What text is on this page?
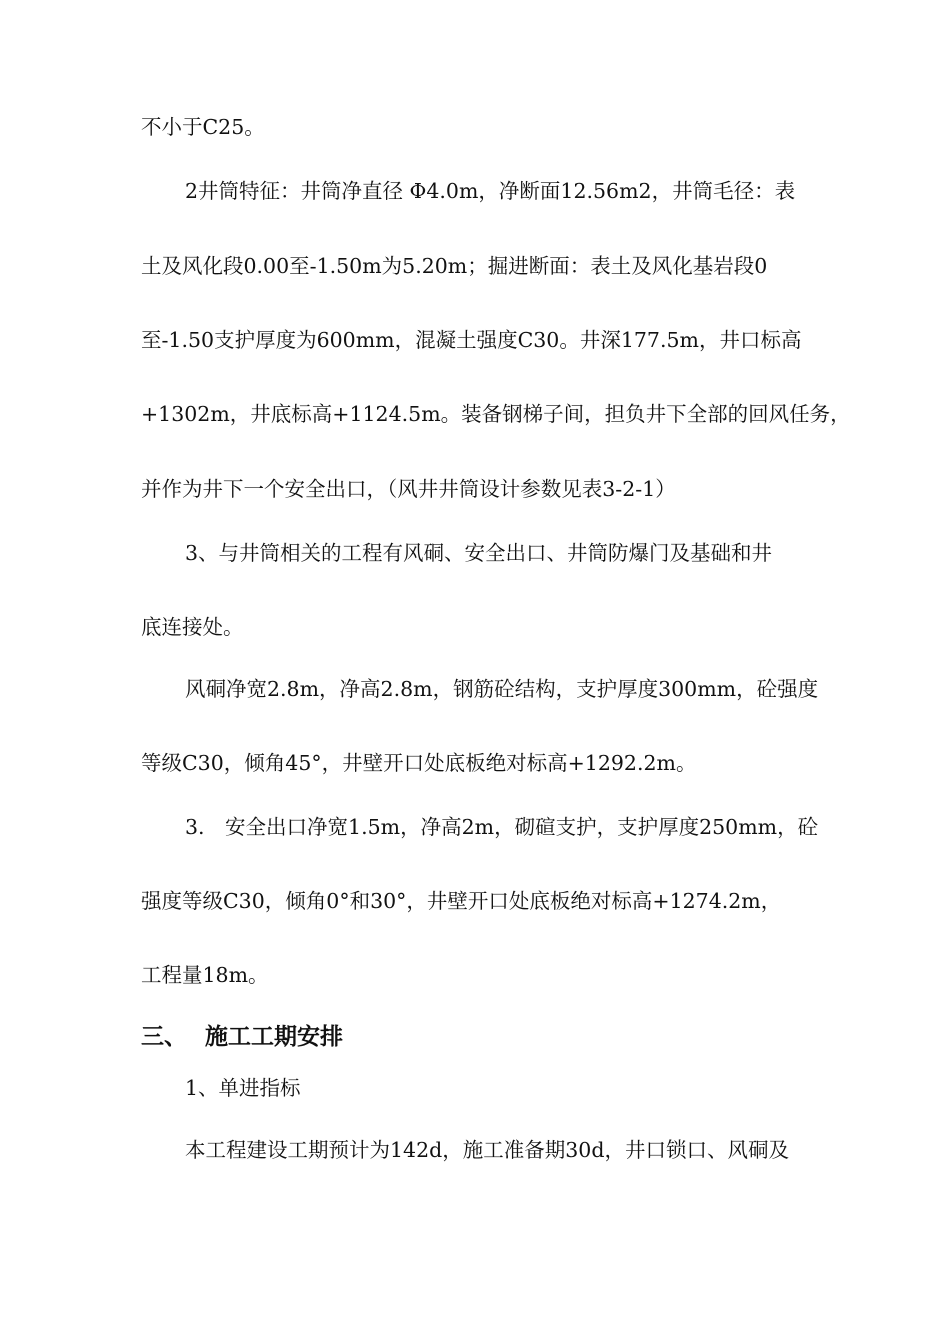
不小于C25。

2井筒特征：井筒净直径 Φ4.0m，净断面12.56m2，井筒毛径：表

土及风化段0.00至-1.50m为5.20m；掘进断面：表土及风化基岩段0

至-1.50支护厚度为600mm，混凝土强度C30。井深177.5m，井口标高

+1302m，井底标高+1124.5m。装备钢梯子间，担负井下全部的回风任务，

并作为井下一个安全出口，（风井井筒设计参数见表3-2-1）

3、与井筒相关的工程有风硐、安全出口、井筒防爆门及基础和井

底连接处。

风硐净宽2.8m，净高2.8m，钢筋砼结构，支护厚度300mm，砼强度

等级C30，倾角45°，井壁开口处底板绝对标高+1292.2m。

3.　安全出口净宽1.5m，净高2m，砌碹支护，支护厚度250mm，砼

强度等级C30，倾角0°和30°，井壁开口处底板绝对标高+1274.2m，

工程量18m。

三、 施工工期安排

1、单进指标

本工程建设工期预计为142d，施工准备期30d，井口锁口、风硐及
